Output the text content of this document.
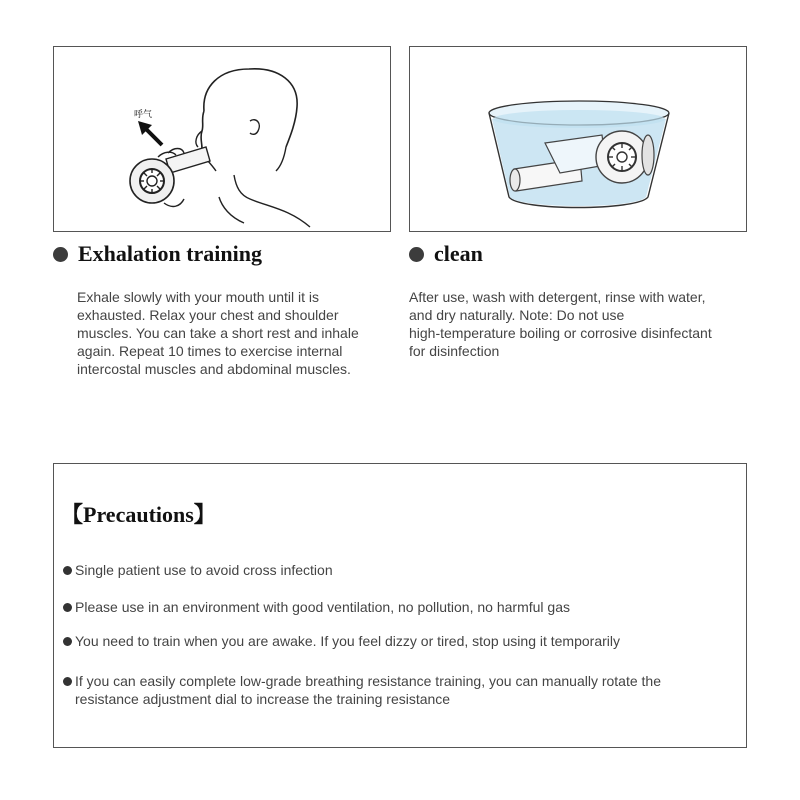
呼气
Exhalation training	clean
Exhale slowly with your mouth until it is exhausted. Relax your chest and shoulder muscles. You can take a short rest and inhale again. Repeat 10 times to exercise internal intercostal muscles and abdominal muscles.
After use, wash with detergent, rinse with water,
and dry naturally. Note: Do not use
high-temperature boiling or corrosive disinfectant
for disinfection
【Precautions】
Single patient use to avoid cross infection
Please use in an environment with good ventilation, no pollution, no harmful gas
You need to train when you are awake. If you feel dizzy or tired, stop using it temporarily
If you can easily complete low-grade breathing resistance training, you can manually rotate the resistance adjustment dial to increase the training resistance
